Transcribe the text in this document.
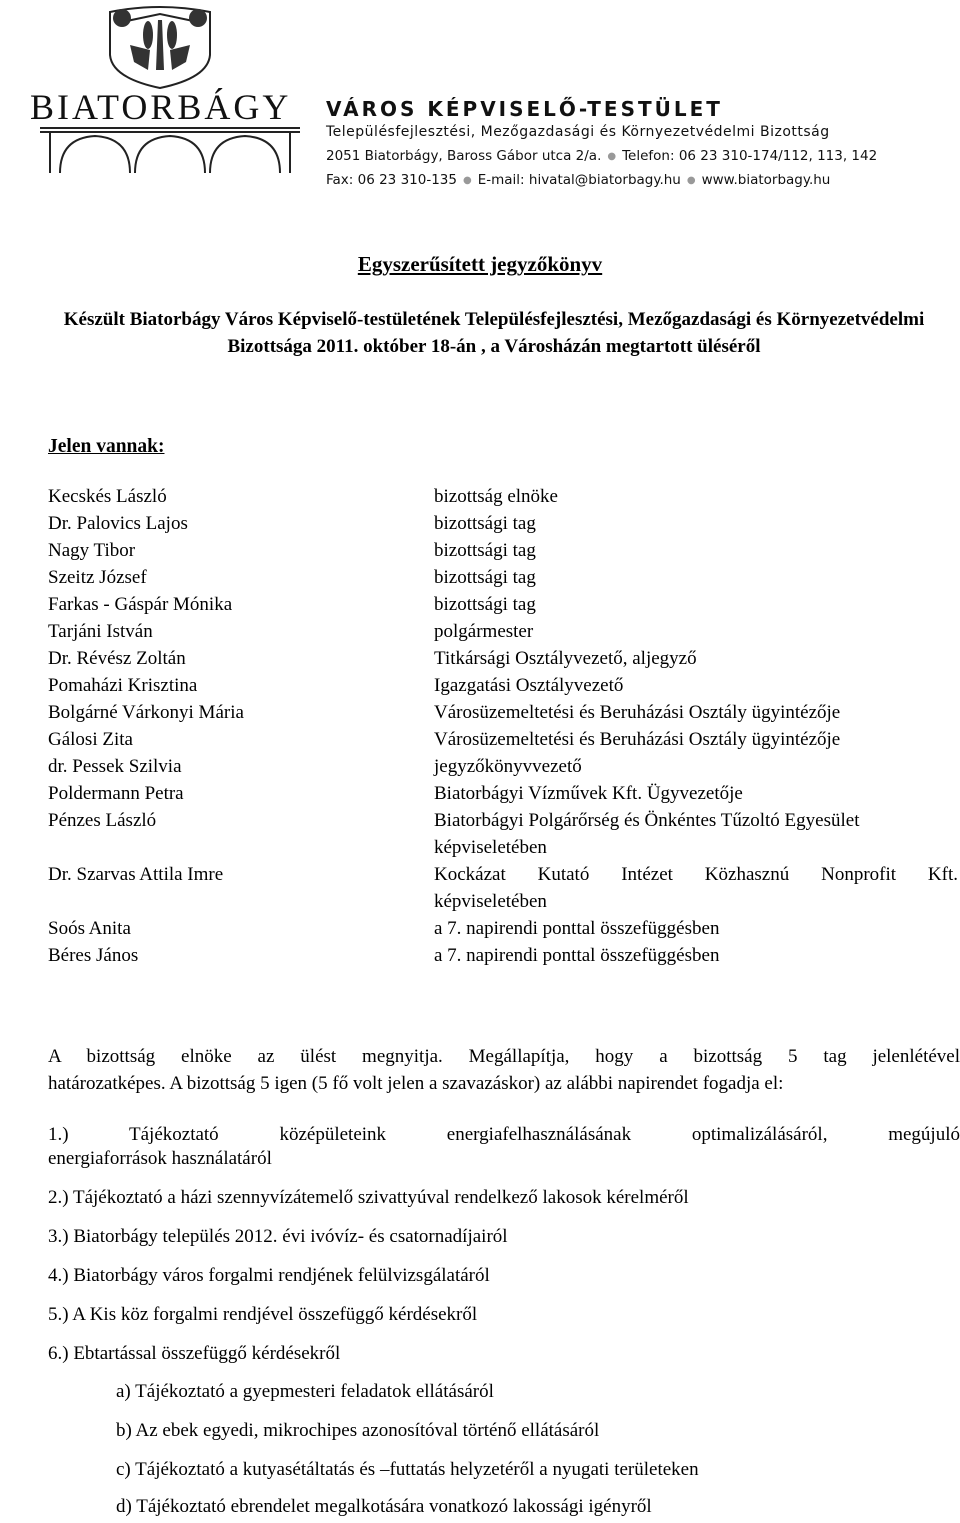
BIATORBÁGY VÁROS KÉPVISELŐ-TESTÜLET
Településfejlesztési, Mezőgazdasági és Környezetvédelmi Bizottság
2051 Biatorbágy, Baross Gábor utca 2/a. ● Telefon: 06 23 310-174/112, 113, 142
Fax: 06 23 310-135 ● E-mail: hivatal@biatorbagy.hu ● www.biatorbagy.hu
Egyszerűsített jegyzőkönyv
Készült Biatorbágy Város Képviselő-testületének Településfejlesztési, Mezőgazdasági és Környezetvédelmi Bizottsága 2011. október 18-án , a Városházán megtartott üléséről
Jelen vannak:
Kecskés László	bizottság elnöke
Dr. Palovics Lajos	bizottsági tag
Nagy Tibor	bizottsági tag
Szeitz József	bizottsági tag
Farkas - Gáspár Mónika	bizottsági tag
Tarjáni István	polgármester
Dr. Révész Zoltán	Titkársági Osztályvezető, aljegyző
Pomaházi Krisztina	Igazgatási Osztályvezető
Bolgárné Várkonyi Mária	Városüzemeltetési és Beruházási Osztály ügyintézője
Gálosi Zita	Városüzemeltetési és Beruházási Osztály ügyintézője
dr. Pessek Szilvia	jegyzőkönyvvezető
Poldermann Petra	Biatorbágyi Vízművek Kft. Ügyvezetője
Pénzes László	Biatorbágyi Polgárőrség és Önkéntes Tűzoltó Egyesület
képviseletében
Dr. Szarvas Attila Imre	Kockázat Kutató Intézet Közhasznú Nonprofit Kft.
képviseletében
Soós Anita	a 7. napirendi ponttal összefüggésben
Béres János	a 7. napirendi ponttal összefüggésben
A bizottság elnöke az ülést megnyitja. Megállapítja, hogy a bizottság 5 tag jelenlétével
határozatképes. A bizottság 5 igen (5 fő volt jelen a szavazáskor) az alábbi napirendet fogadja el:
1.) Tájékoztató középületeink energiafelhasználásának optimalizálásáról, megújuló
energiaforrások használatáról
2.) Tájékoztató a házi szennyvízátemelő szivattyúval rendelkező lakosok kérelméről
3.) Biatorbágy település 2012. évi ivóvíz- és csatornadíjairól
4.) Biatorbágy város forgalmi rendjének felülvizsgálatáról
5.) A Kis köz forgalmi rendjével összefüggő kérdésekről
6.) Ebtartással összefüggő kérdésekről
a) Tájékoztató a gyepmesteri feladatok ellátásáról
b) Az ebek egyedi, mikrochipes azonosítóval történő ellátásáról
c) Tájékoztató a kutyasétáltatás és –futtatás helyzetéről a nyugati területeken
d) Tájékoztató ebrendelet megalkotására vonatkozó lakossági igényről
